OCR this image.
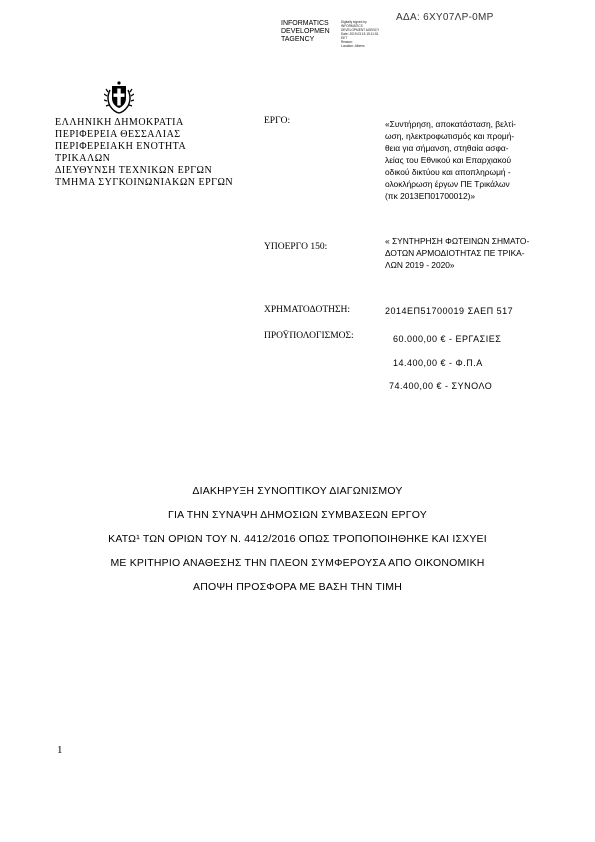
ΑΔΑ: 6ΧΥ07ΛΡ-0ΜΡ
INFORMATICS
DEVELOPMEN
TAGENCY
Digitally signed by
INFORMATICS
DEVELOPMENT AGENCY
Date: 2019.03.15 15:11:51
EET
Reason:
Location: Athens
ΕΛΛΗΝΙΚΗ ΔΗΜΟΚΡΑΤΙΑ
ΠΕΡΙΦΕΡΕΙΑ ΘΕΣΣΑΛΙΑΣ
ΠΕΡΙΦΕΡΕΙΑΚΗ ΕΝΟΤΗΤΑ
ΤΡΙΚΑΛΩΝ
ΔΙΕΥΘΥΝΣΗ ΤΕΧΝΙΚΩΝ ΕΡΓΩΝ
ΤΜΗΜΑ ΣΥΓΚΟΙΝΩΝΙΑΚΩΝ ΕΡΓΩΝ
ΕΡΓΟ:	«Συντήρηση, αποκατάσταση, βελτί-
ωση, ηλεκτροφωτισμός και προμή-
θεια για σήμανση, στηθαία ασφα-
λείας του Εθνικού και Επαρχιακού
οδικού δικτύου και αποπληρωμή -
ολοκλήρωση έργων ΠΕ Τρικάλων
(πκ 2013ΕΠ01700012)»
ΥΠΟΕΡΓΟ 150:
« ΣΥΝΤΗΡΗΣΗ ΦΩΤΕΙΝΩΝ ΣΗΜΑΤΟ-
ΔΟΤΩΝ ΑΡΜΟΔΙΟΤΗΤΑΣ ΠΕ ΤΡΙΚΑ-
ΛΩΝ 2019 - 2020»
ΧΡΗΜΑΤΟΔΟΤΗΣΗ:	2014ΕΠ51700019 ΣΑΕΠ 517
ΠΡΟΫΠΟΛΟΓΙΣΜΟΣ:	60.000,00 € - ΕΡΓΑΣΙΕΣ
14.400,00 € - Φ.Π.Α
74.400,00 € - ΣΥΝΟΛΟ
ΔΙΑΚΗΡΥΞΗ ΣΥΝΟΠΤΙΚΟΥ ΔΙΑΓΩΝΙΣΜΟΥ
ΓΙΑ ΤΗΝ ΣΥΝΑΨΗ ΔΗΜΟΣΙΩΝ ΣΥΜΒΑΣΕΩΝ ΕΡΓΟΥ
ΚΑΤΩ¹ ΤΩΝ ΟΡΙΩΝ ΤΟΥ Ν. 4412/2016 ΟΠΩΣ ΤΡΟΠΟΠΟΙΗΘΗΚΕ ΚΑΙ ΙΣΧΥΕΙ
ΜΕ ΚΡΙΤΗΡΙΟ ΑΝΑΘΕΣΗΣ ΤΗΝ ΠΛΕΟΝ ΣΥΜΦΕΡΟΥΣΑ ΑΠΟ ΟΙΚΟΝΟΜΙΚΗ
ΑΠΟΨΗ ΠΡΟΣΦΟΡΑ ΜΕ ΒΑΣΗ ΤΗΝ ΤΙΜΗ
1
